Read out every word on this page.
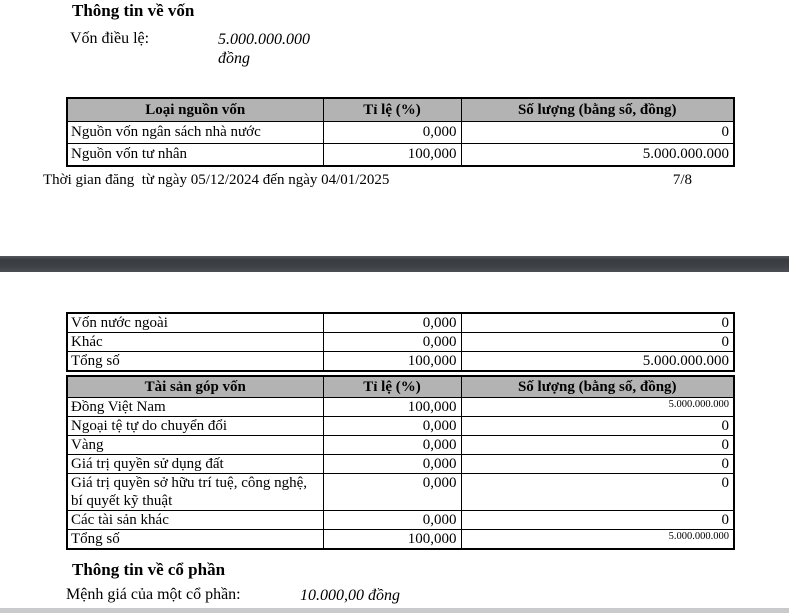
Thông tin về vốn
Vốn điều lệ:	5.000.000.000 đồng
Loại nguồn vốn	Tỉ lệ (%)	Số lượng (bằng số, đồng)
Nguồn vốn ngân sách nhà nước	0,000	0
Nguồn vốn tư nhân	100,000	5.000.000.000
Thời gian đăng  từ ngày 05/12/2024 đến ngày 04/01/2025	7/8
Vốn nước ngoài	0,000	0
Khác	0,000	0
Tổng số	100,000	5.000.000.000
Tài sản góp vốn	Tỉ lệ (%)	Số lượng (bằng số, đồng)
Đồng Việt Nam	100,000	5.000.000.000
Ngoại tệ tự do chuyển đổi	0,000	0
Vàng	0,000	0
Giá trị quyền sử dụng đất	0,000	0
Giá trị quyền sở hữu trí tuệ, công nghệ, bí quyết kỹ thuật	0,000	0
Các tài sản khác	0,000	0
Tổng số	100,000	5.000.000.000
Thông tin về cổ phần
Mệnh giá của một cổ phần:	10.000,00 đồng
